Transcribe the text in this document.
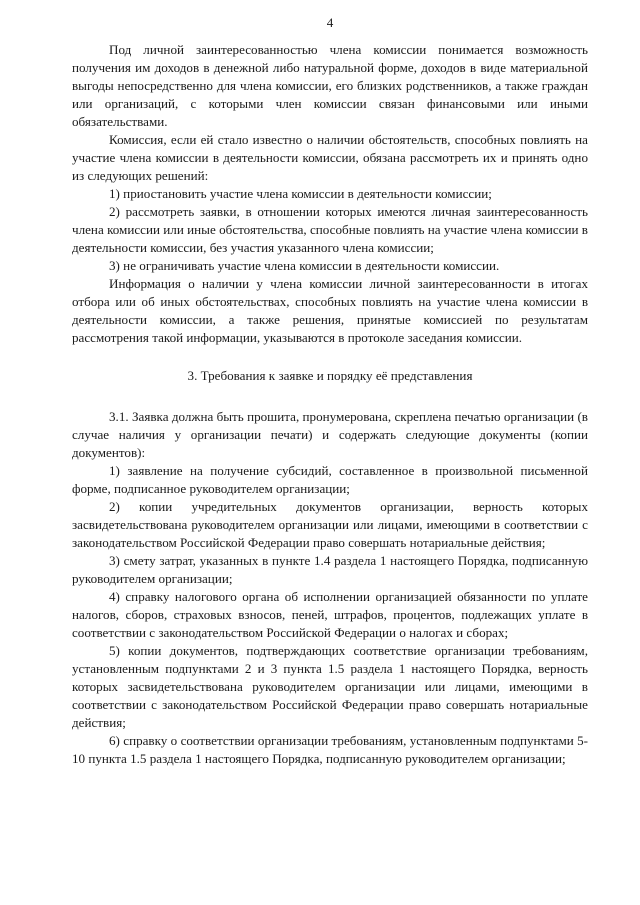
4

Под личной заинтересованностью члена комиссии понимается возможность получения им доходов в денежной либо натуральной форме, доходов в виде материальной выгоды непосредственно для члена комиссии, его близких родственников, а также граждан или организаций, с которыми член комиссии связан финансовыми или иными обязательствами.

Комиссия, если ей стало известно о наличии обстоятельств, способных повлиять на участие члена комиссии в деятельности комиссии, обязана рассмотреть их и принять одно из следующих решений:

1) приостановить участие члена комиссии в деятельности комиссии;

2) рассмотреть заявки, в отношении которых имеются личная заинтересованность члена комиссии или иные обстоятельства, способные повлиять на участие члена комиссии в деятельности комиссии, без участия указанного члена комиссии;

3) не ограничивать участие члена комиссии в деятельности комиссии.

Информация о наличии у члена комиссии личной заинтересованности в итогах отбора или об иных обстоятельствах, способных повлиять на участие члена комиссии в деятельности комиссии, а также решения, принятые комиссией по результатам рассмотрения такой информации, указываются в протоколе заседания комиссии.

3. Требования к заявке и порядку её представления

3.1. Заявка должна быть прошита, пронумерована, скреплена печатью организации (в случае наличия у организации печати) и содержать следующие документы (копии документов):

1) заявление на получение субсидий, составленное в произвольной письменной форме, подписанное руководителем организации;

2) копии учредительных документов организации, верность которых засвидетельствована руководителем организации или лицами, имеющими в соответствии с законодательством Российской Федерации право совершать нотариальные действия;

3) смету затрат, указанных в пункте 1.4 раздела 1 настоящего Порядка, подписанную руководителем организации;

4) справку налогового органа об исполнении организацией обязанности по уплате налогов, сборов, страховых взносов, пеней, штрафов, процентов, подлежащих уплате в соответствии с законодательством Российской Федерации о налогах и сборах;

5) копии документов, подтверждающих соответствие организации требованиям, установленным подпунктами 2 и 3 пункта 1.5 раздела 1 настоящего Порядка, верность которых засвидетельствована руководителем организации или лицами, имеющими в соответствии с законодательством Российской Федерации право совершать нотариальные действия;

6) справку о соответствии организации требованиям, установленным подпунктами 5-10 пункта 1.5 раздела 1 настоящего Порядка, подписанную руководителем организации;
